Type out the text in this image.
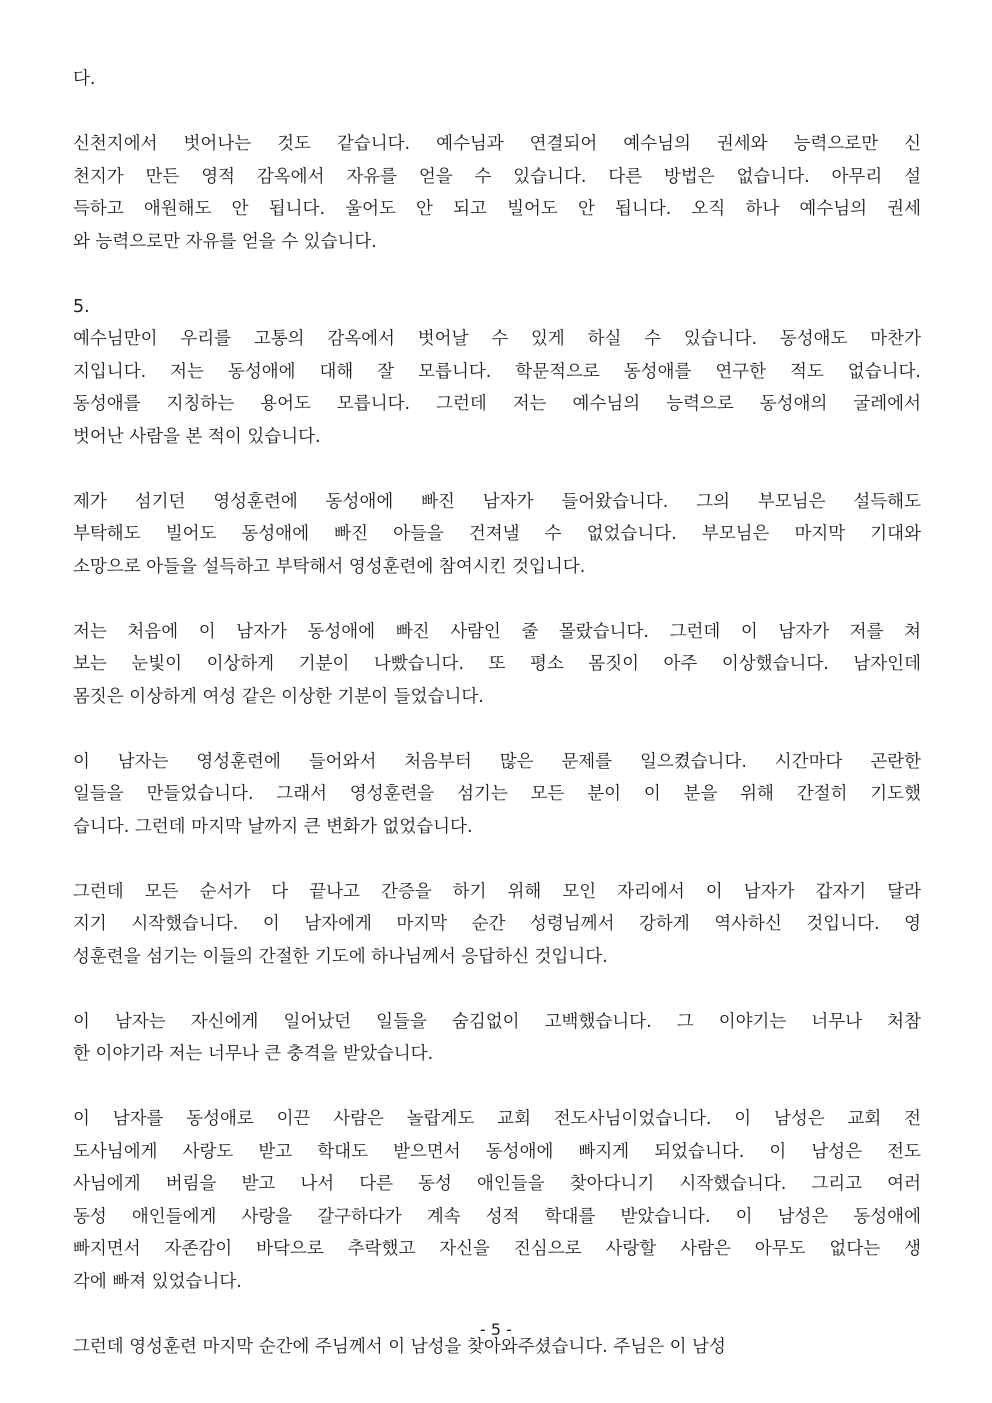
다.
신천지에서 벗어나는 것도 같습니다. 예수님과 연결되어 예수님의 권세와 능력으로만 신
천지가 만든 영적 감옥에서 자유를 얻을 수 있습니다. 다른 방법은 없습니다. 아무리 설
득하고 애원해도 안 됩니다. 울어도 안 되고 빌어도 안 됩니다. 오직 하나 예수님의 권세
와 능력으로만 자유를 얻을 수 있습니다.
5.
예수님만이 우리를 고통의 감옥에서 벗어날 수 있게 하실 수 있습니다. 동성애도 마찬가
지입니다. 저는 동성애에 대해 잘 모릅니다. 학문적으로 동성애를 연구한 적도 없습니다.
동성애를 지칭하는 용어도 모릅니다. 그런데 저는 예수님의 능력으로 동성애의 굴레에서
벗어난 사람을 본 적이 있습니다.
제가 섬기던 영성훈련에 동성애에 빠진 남자가 들어왔습니다. 그의 부모님은 설득해도
부탁해도 빌어도 동성애에 빠진 아들을 건져낼 수 없었습니다. 부모님은 마지막 기대와
소망으로 아들을 설득하고 부탁해서 영성훈련에 참여시킨 것입니다.
저는 처음에 이 남자가 동성애에 빠진 사람인 줄 몰랐습니다. 그런데 이 남자가 저를 쳐
보는 눈빛이 이상하게 기분이 나빴습니다. 또 평소 몸짓이 아주 이상했습니다. 남자인데
몸짓은 이상하게 여성 같은 이상한 기분이 들었습니다.
이 남자는 영성훈련에 들어와서 처음부터 많은 문제를 일으켰습니다. 시간마다 곤란한
일들을 만들었습니다. 그래서 영성훈련을 섬기는 모든 분이 이 분을 위해 간절히 기도했
습니다. 그런데 마지막 날까지 큰 변화가 없었습니다.
그런데 모든 순서가 다 끝나고 간증을 하기 위해 모인 자리에서 이 남자가 갑자기 달라
지기 시작했습니다. 이 남자에게 마지막 순간 성령님께서 강하게 역사하신 것입니다. 영
성훈련을 섬기는 이들의 간절한 기도에 하나님께서 응답하신 것입니다.
이 남자는 자신에게 일어났던 일들을 숨김없이 고백했습니다. 그 이야기는 너무나 처참
한 이야기라 저는 너무나 큰 충격을 받았습니다.
이 남자를 동성애로 이끈 사람은 놀랍게도 교회 전도사님이었습니다. 이 남성은 교회 전
도사님에게 사랑도 받고 학대도 받으면서 동성애에 빠지게 되었습니다. 이 남성은 전도
사님에게 버림을 받고 나서 다른 동성 애인들을 찾아다니기 시작했습니다. 그리고 여러
동성 애인들에게 사랑을 갈구하다가 계속 성적 학대를 받았습니다. 이 남성은 동성애에
빠지면서 자존감이 바닥으로 추락했고 자신을 진심으로 사랑할 사람은 아무도 없다는 생
각에 빠져 있었습니다.
그런데 영성훈련 마지막 순간에 주님께서 이 남성을 찾아와주셨습니다. 주님은 이 남성
- 5 -
